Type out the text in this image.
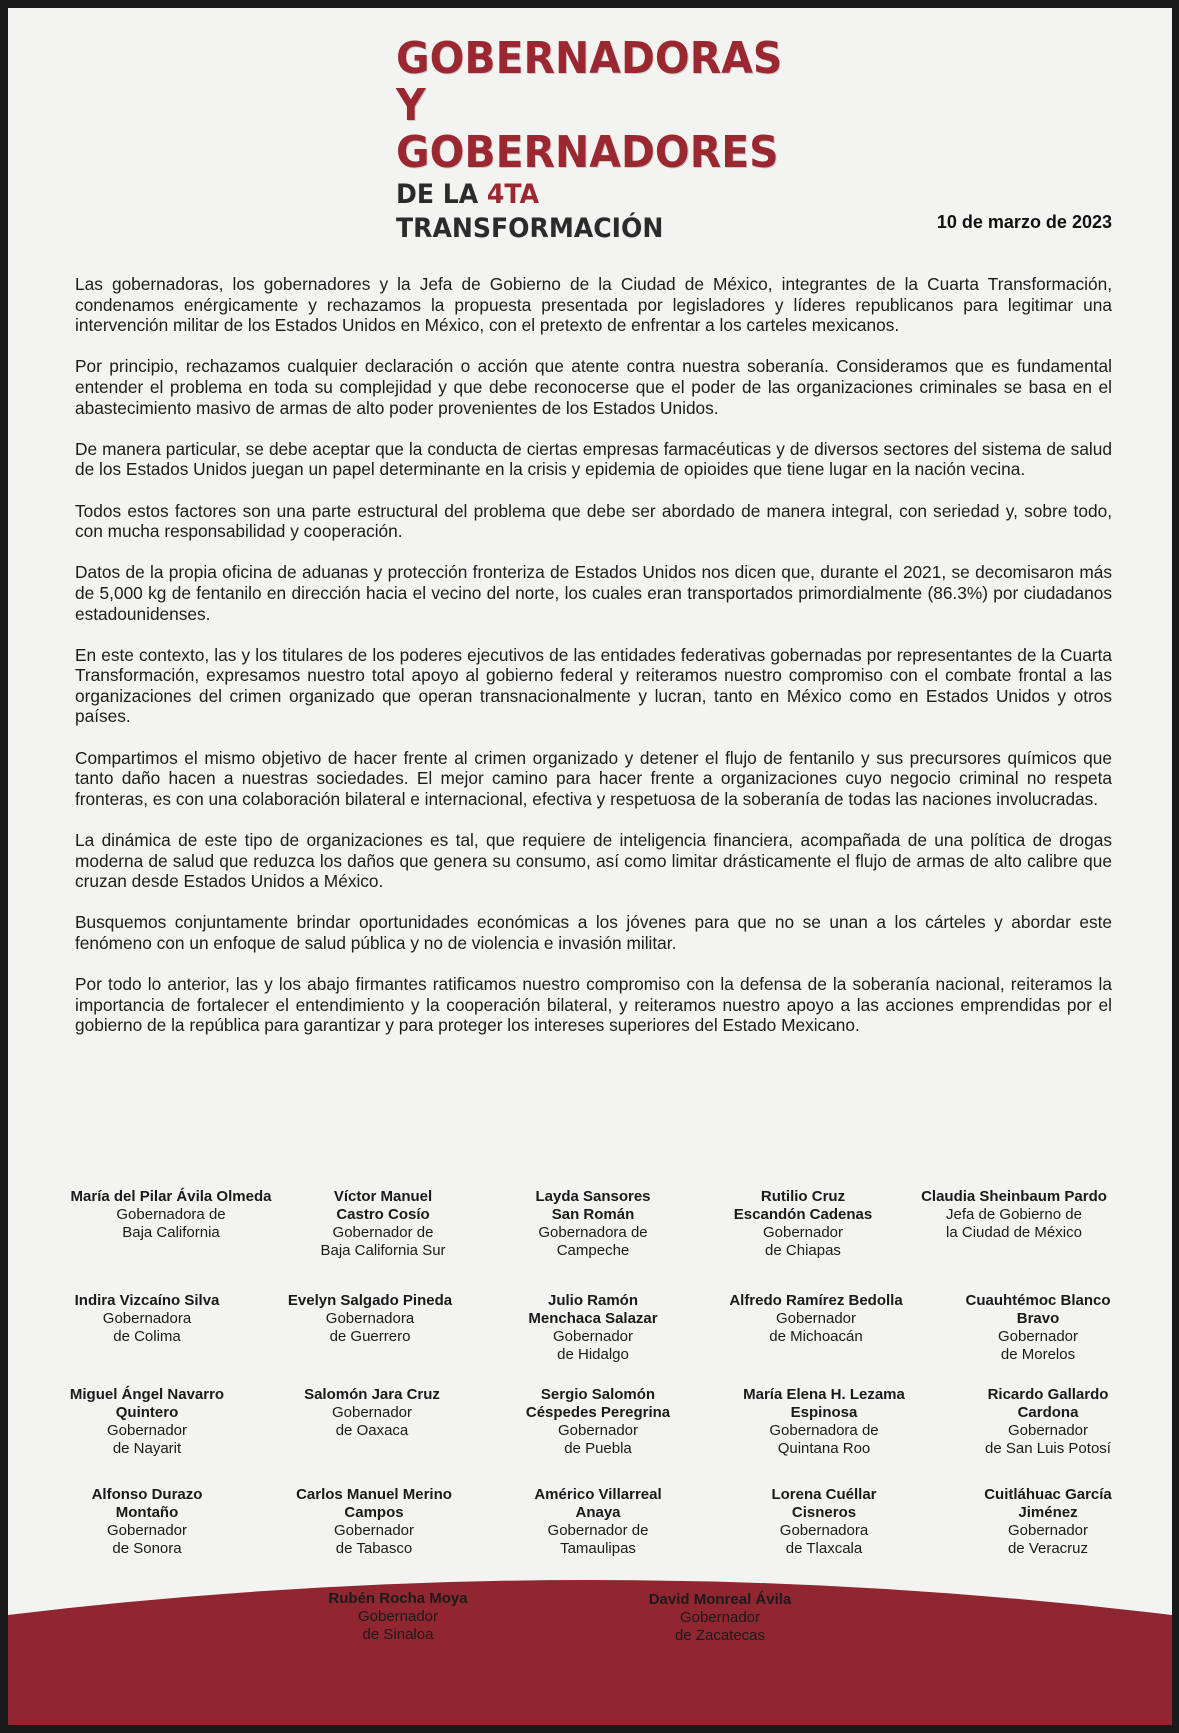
GOBERNADORAS
Y GOBERNADORES
DE LA 4TA TRANSFORMACIÓN	10 de marzo de 2023

Las gobernadoras, los gobernadores y la Jefa de Gobierno de la Ciudad de México, integrantes de la Cuarta Transformación, condenamos enérgicamente y rechazamos la propuesta presentada por legisladores y líderes republicanos para legitimar una intervención militar de los Estados Unidos en México, con el pretexto de enfrentar a los carteles mexicanos.

Por principio, rechazamos cualquier declaración o acción que atente contra nuestra soberanía. Consideramos que es fundamental entender el problema en toda su complejidad y que debe reconocerse que el poder de las organizaciones criminales se basa en el abastecimiento masivo de armas de alto poder provenientes de los Estados Unidos.

De manera particular, se debe aceptar que la conducta de ciertas empresas farmacéuticas y de diversos sectores del sistema de salud de los Estados Unidos juegan un papel determinante en la crisis y epidemia de opioides que tiene lugar en la nación vecina.

Todos estos factores son una parte estructural del problema que debe ser abordado de manera integral, con seriedad y, sobre todo, con mucha responsabilidad y cooperación.

Datos de la propia oficina de aduanas y protección fronteriza de Estados Unidos nos dicen que, durante el 2021, se decomisaron más de 5,000 kg de fentanilo en dirección hacia el vecino del norte, los cuales eran transportados primordialmente (86.3%) por ciudadanos estadounidenses.

En este contexto, las y los titulares de los poderes ejecutivos de las entidades federativas gobernadas por representantes de la Cuarta Transformación, expresamos nuestro total apoyo al gobierno federal y reiteramos nuestro compromiso con el combate frontal a las organizaciones del crimen organizado que operan transnacionalmente y lucran, tanto en México como en Estados Unidos y otros países.

Compartimos el mismo objetivo de hacer frente al crimen organizado y detener el flujo de fentanilo y sus precursores químicos que tanto daño hacen a nuestras sociedades. El mejor camino para hacer frente a organizaciones cuyo negocio criminal no respeta fronteras, es con una colaboración bilateral e internacional, efectiva y respetuosa de la soberanía de todas las naciones involucradas.

La dinámica de este tipo de organizaciones es tal, que requiere de inteligencia financiera, acompañada de una política de drogas moderna de salud que reduzca los daños que genera su consumo, así como limitar drásticamente el flujo de armas de alto calibre que cruzan desde Estados Unidos a México.

Busquemos conjuntamente brindar oportunidades económicas a los jóvenes para que no se unan a los cárteles y abordar este fenómeno con un enfoque de salud pública y no de violencia e invasión militar.

Por todo lo anterior, las y los abajo firmantes ratificamos nuestro compromiso con la defensa de la soberanía nacional, reiteramos la importancia de fortalecer el entendimiento y la cooperación bilateral, y reiteramos nuestro apoyo a las acciones emprendidas por el gobierno de la república para garantizar y para proteger los intereses superiores del Estado Mexicano.

María del Pilar Ávila Olmeda
Gobernadora de
Baja California
Víctor Manuel
Castro Cosío
Gobernador de
Baja California Sur
Layda Sansores
San Román
Gobernadora de
Campeche
Rutilio Cruz
Escandón Cadenas
Gobernador
de Chiapas
Claudia Sheinbaum Pardo
Jefa de Gobierno de
la Ciudad de México
Indira Vizcaíno Silva
Gobernadora
de Colima
Evelyn Salgado Pineda
Gobernadora
de Guerrero
Julio Ramón
Menchaca Salazar
Gobernador
de Hidalgo
Alfredo Ramírez Bedolla
Gobernador
de Michoacán
Cuauhtémoc Blanco
Bravo
Gobernador
de Morelos
Miguel Ángel Navarro
Quintero
Gobernador
de Nayarit
Salomón Jara Cruz
Gobernador
de Oaxaca
Sergio Salomón
Céspedes Peregrina
Gobernador
de Puebla
María Elena H. Lezama
Espinosa
Gobernadora de
Quintana Roo
Ricardo Gallardo
Cardona
Gobernador
de San Luis Potosí
Alfonso Durazo
Montaño
Gobernador
de Sonora
Carlos Manuel Merino
Campos
Gobernador
de Tabasco
Américo Villarreal
Anaya
Gobernador de
Tamaulipas
Lorena Cuéllar
Cisneros
Gobernadora
de Tlaxcala
Cuitláhuac García
Jiménez
Gobernador
de Veracruz
Rubén Rocha Moya
Gobernador
de Sinaloa
David Monreal Ávila
Gobernador
de Zacatecas
